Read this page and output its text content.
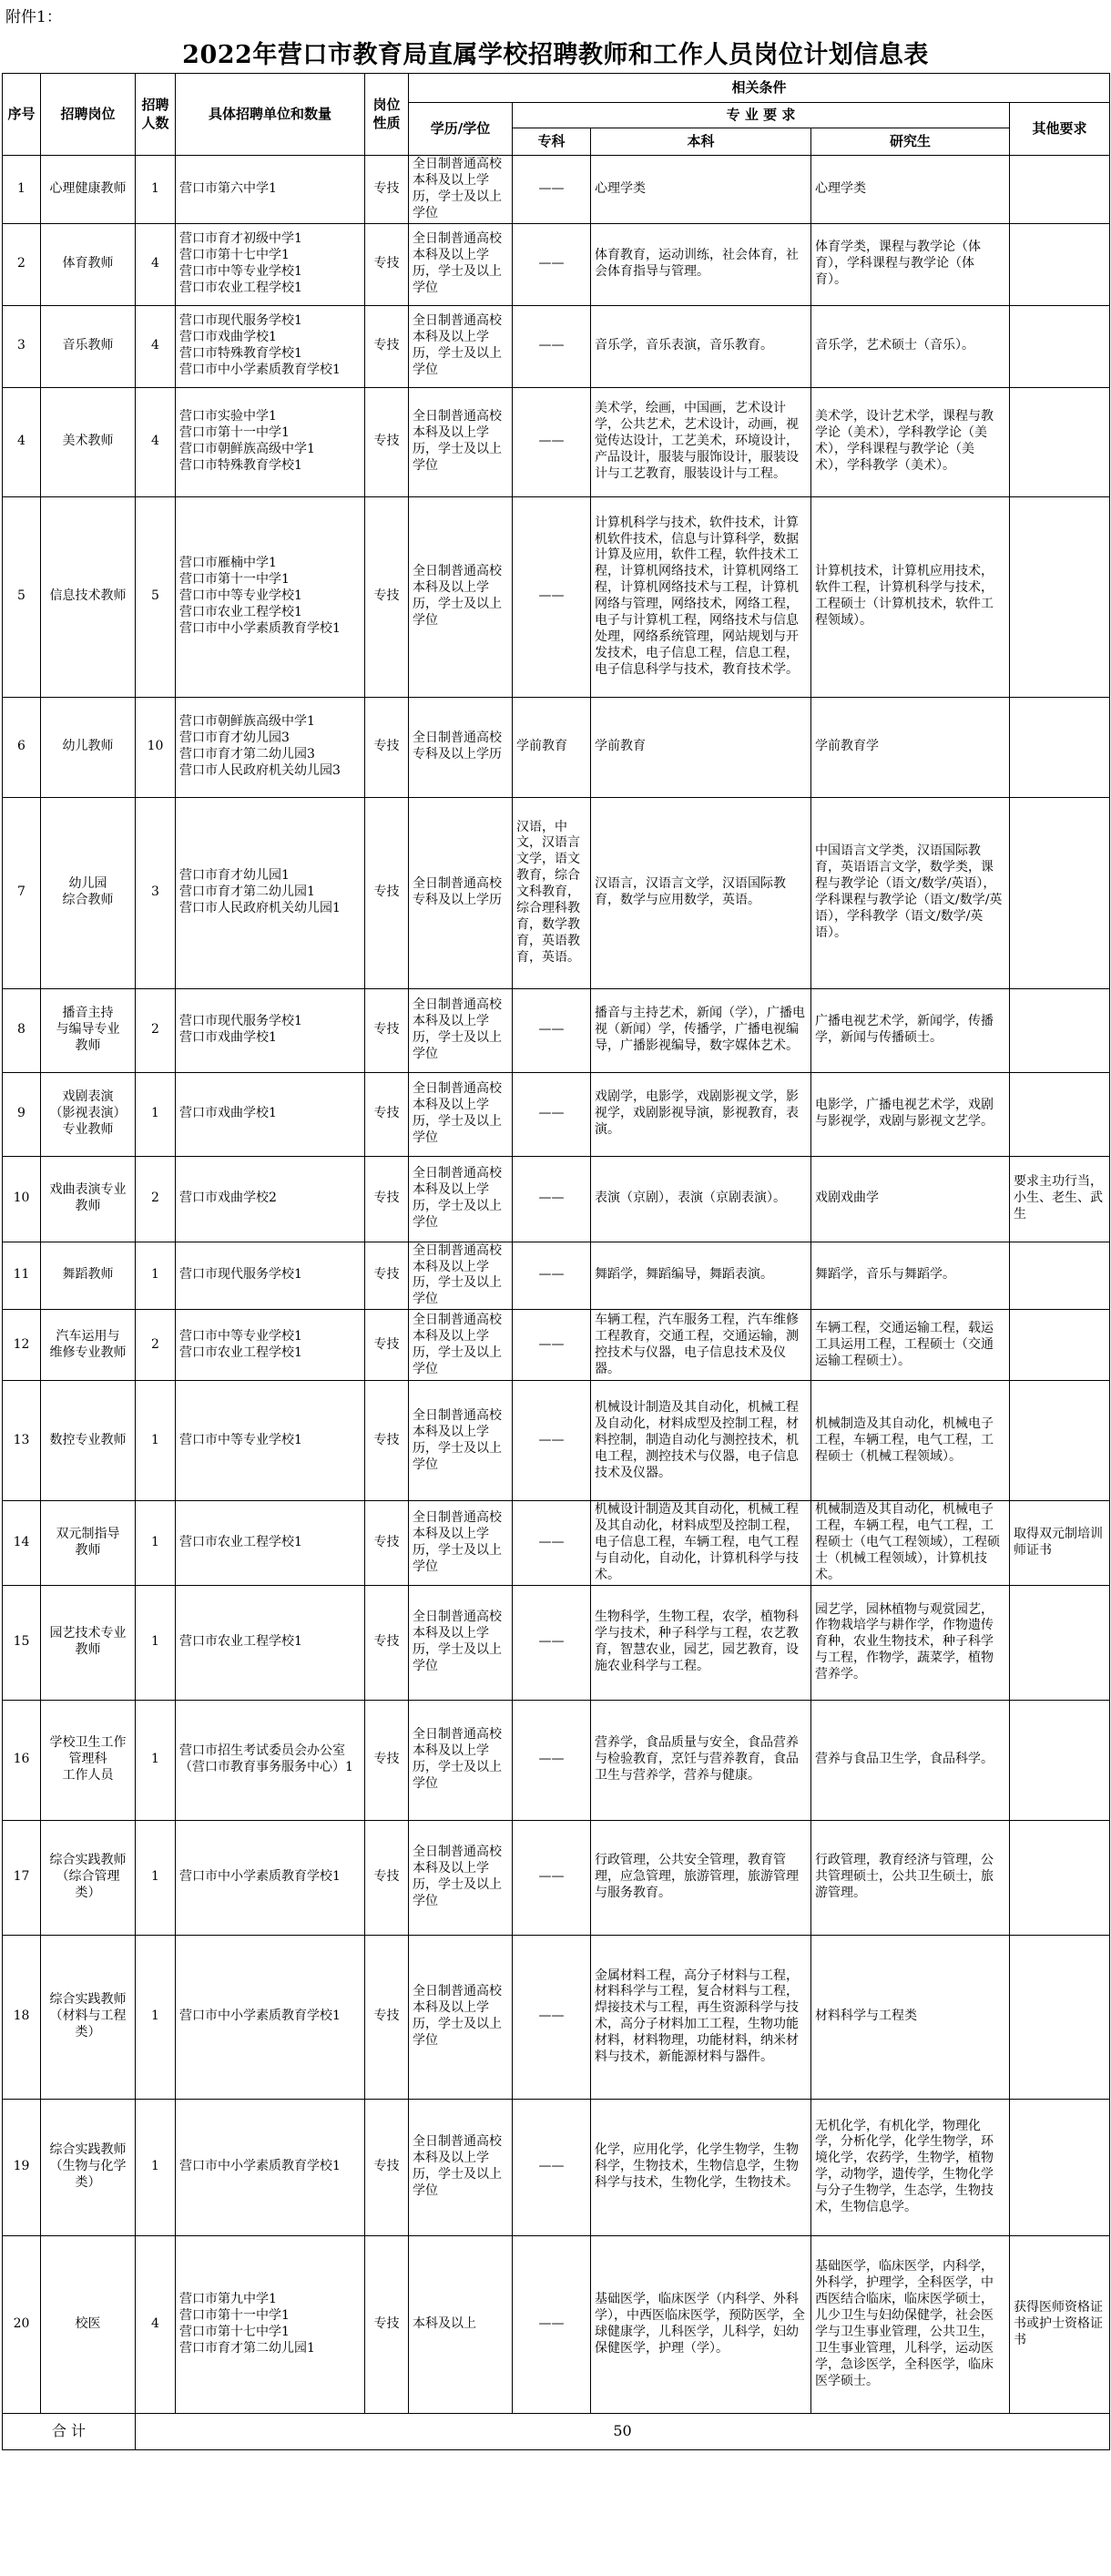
附件1：
2022年营口市教育局直属学校招聘教师和工作人员岗位计划信息表
序号	招聘岗位	招聘
人数	具体招聘单位和数量	岗位
性质	相关条件				
					学历/学位	专 业 要 求			其他要求
						专科	本科	研究生	
1	心理健康教师	1	营口市第六中学1	专技	全日制普通高校本科及以上学历，学士及以上学位	——	心理学类	心理学类	
2	体育教师	4	营口市育才初级中学1
营口市第十七中学1
营口市中等专业学校1
营口市农业工程学校1	专技	全日制普通高校本科及以上学历，学士及以上学位	——	体育教育，运动训练，社会体育，社会体育指导与管理。	体育学类，课程与教学论（体育），学科课程与教学论（体育）。	
3	音乐教师	4	营口市现代服务学校1
营口市戏曲学校1
营口市特殊教育学校1
营口市中小学素质教育学校1	专技	全日制普通高校本科及以上学历，学士及以上学位	——	音乐学，音乐表演，音乐教育。	音乐学，艺术硕士（音乐）。	
4	美术教师	4	营口市实验中学1
营口市第十一中学1
营口市朝鲜族高级中学1
营口市特殊教育学校1	专技	全日制普通高校本科及以上学历，学士及以上学位	——	美术学，绘画，中国画，艺术设计学，公共艺术，艺术设计，动画，视觉传达设计，工艺美术，环境设计，产品设计，服装与服饰设计，服装设计与工艺教育，服装设计与工程。	美术学，设计艺术学，课程与教学论（美术），学科教学论（美术），学科课程与教学论（美术），学科教学（美术）。	
5	信息技术教师	5	营口市雁楠中学1
营口市第十一中学1
营口市中等专业学校1
营口市农业工程学校1
营口市中小学素质教育学校1	专技	全日制普通高校本科及以上学历，学士及以上学位	——	计算机科学与技术，软件技术，计算机软件技术，信息与计算科学，数据计算及应用，软件工程，软件技术工程，计算机网络技术，计算机网络工程，计算机网络技术与工程，计算机网络与管理，网络技术，网络工程，电子与计算机工程，网络技术与信息处理，网络系统管理，网站规划与开发技术，电子信息工程，信息工程，电子信息科学与技术，教育技术学。	计算机技术，计算机应用技术，软件工程，计算机科学与技术，工程硕士（计算机技术，软件工程领域）。	
6	幼儿教师	10	营口市朝鲜族高级中学1
营口市育才幼儿园3
营口市育才第二幼儿园3
营口市人民政府机关幼儿园3	专技	全日制普通高校专科及以上学历	学前教育	学前教育	学前教育学	
7	幼儿园
综合教师	3	营口市育才幼儿园1
营口市育才第二幼儿园1
营口市人民政府机关幼儿园1	专技	全日制普通高校专科及以上学历	汉语，中文，汉语言文学，语文教育，综合文科教育，综合理科教育，数学教育，英语教育，英语。	汉语言，汉语言文学，汉语国际教育，数学与应用数学，英语。	中国语言文学类，汉语国际教育，英语语言文学，数学类，课程与教学论（语文/数学/英语），学科课程与教学论（语文/数学/英语），学科教学（语文/数学/英语）。	
8	播音主持
与编导专业
教师	2	营口市现代服务学校1
营口市戏曲学校1	专技	全日制普通高校本科及以上学历，学士及以上学位	——	播音与主持艺术，新闻（学），广播电视（新闻）学，传播学，广播电视编导，广播影视编导，数字媒体艺术。	广播电视艺术学，新闻学，传播学，新闻与传播硕士。	
9	戏剧表演
（影视表演）
专业教师	1	营口市戏曲学校1	专技	全日制普通高校本科及以上学历，学士及以上学位	——	戏剧学，电影学，戏剧影视文学，影视学，戏剧影视导演，影视教育，表演。	电影学，广播电视艺术学，戏剧与影视学，戏剧与影视文艺学。	
10	戏曲表演专业
教师	2	营口市戏曲学校2	专技	全日制普通高校本科及以上学历，学士及以上学位	——	表演（京剧），表演（京剧表演）。	戏剧戏曲学	要求主功行当，小生、老生、武生
11	舞蹈教师	1	营口市现代服务学校1	专技	全日制普通高校本科及以上学历，学士及以上学位	——	舞蹈学，舞蹈编导，舞蹈表演。	舞蹈学，音乐与舞蹈学。	
12	汽车运用与
维修专业教师	2	营口市中等专业学校1
营口市农业工程学校1	专技	全日制普通高校本科及以上学历，学士及以上学位	——	车辆工程，汽车服务工程，汽车维修工程教育，交通工程，交通运输，测控技术与仪器，电子信息技术及仪器。	车辆工程，交通运输工程，载运工具运用工程，工程硕士（交通运输工程硕士）。	
13	数控专业教师	1	营口市中等专业学校1	专技	全日制普通高校本科及以上学历，学士及以上学位	——	机械设计制造及其自动化，机械工程及自动化，材料成型及控制工程，材料控制，制造自动化与测控技术，机电工程，测控技术与仪器，电子信息技术及仪器。	机械制造及其自动化，机械电子工程，车辆工程，电气工程，工程硕士（机械工程领域）。	
14	双元制指导
教师	1	营口市农业工程学校1	专技	全日制普通高校本科及以上学历，学士及以上学位	——	机械设计制造及其自动化，机械工程及其自动化，材料成型及控制工程，电子信息工程，车辆工程，电气工程与自动化，自动化，计算机科学与技术。	机械制造及其自动化，机械电子工程，车辆工程，电气工程，工程硕士（电气工程领域），工程硕士（机械工程领域），计算机技术。	取得双元制培训师证书
15	园艺技术专业
教师	1	营口市农业工程学校1	专技	全日制普通高校本科及以上学历，学士及以上学位	——	生物科学，生物工程，农学，植物科学与技术，种子科学与工程，农艺教育，智慧农业，园艺，园艺教育，设施农业科学与工程。	园艺学，园林植物与观赏园艺，作物栽培学与耕作学，作物遗传育种，农业生物技术，种子科学与工程，作物学，蔬菜学，植物营养学。	
16	学校卫生工作
管理科
工作人员	1	营口市招生考试委员会办公室（营口市教育事务服务中心）1	专技	全日制普通高校本科及以上学历，学士及以上学位	——	营养学，食品质量与安全，食品营养与检验教育，烹饪与营养教育，食品卫生与营养学，营养与健康。	营养与食品卫生学，食品科学。	
17	综合实践教师
（综合管理
类）	1	营口市中小学素质教育学校1	专技	全日制普通高校本科及以上学历，学士及以上学位	——	行政管理，公共安全管理，教育管理，应急管理，旅游管理，旅游管理与服务教育。	行政管理，教育经济与管理，公共管理硕士，公共卫生硕士，旅游管理。	
18	综合实践教师
（材料与工程
类）	1	营口市中小学素质教育学校1	专技	全日制普通高校本科及以上学历，学士及以上学位	——	金属材料工程，高分子材料与工程，材料科学与工程，复合材料与工程，焊接技术与工程，再生资源科学与技术，高分子材料加工工程，生物功能材料，材料物理，功能材料，纳米材料与技术，新能源材料与器件。	材料科学与工程类	
19	综合实践教师
（生物与化学
类）	1	营口市中小学素质教育学校1	专技	全日制普通高校本科及以上学历，学士及以上学位	——	化学，应用化学，化学生物学，生物科学，生物技术，生物信息学，生物科学与技术，生物化学，生物技术。	无机化学，有机化学，物理化学，分析化学，化学生物学，环境化学，农药学，生物学，植物学，动物学，遗传学，生物化学与分子生物学，生态学，生物技术，生物信息学。	
20	校医	4	营口市第九中学1
营口市第十一中学1
营口市第十七中学1
营口市育才第二幼儿园1	专技	本科及以上	——	基础医学，临床医学（内科学、外科学），中西医临床医学，预防医学，全球健康学，儿科医学，儿科学，妇幼保健医学，护理（学）。	基础医学，临床医学，内科学，外科学，护理学，全科医学，中西医结合临床，临床医学硕士，儿少卫生与妇幼保健学，社会医学与卫生事业管理，公共卫生，卫生事业管理，儿科学，运动医学，急诊医学，全科医学，临床医学硕士。	获得医师资格证书或护士资格证书
合 计		50							
